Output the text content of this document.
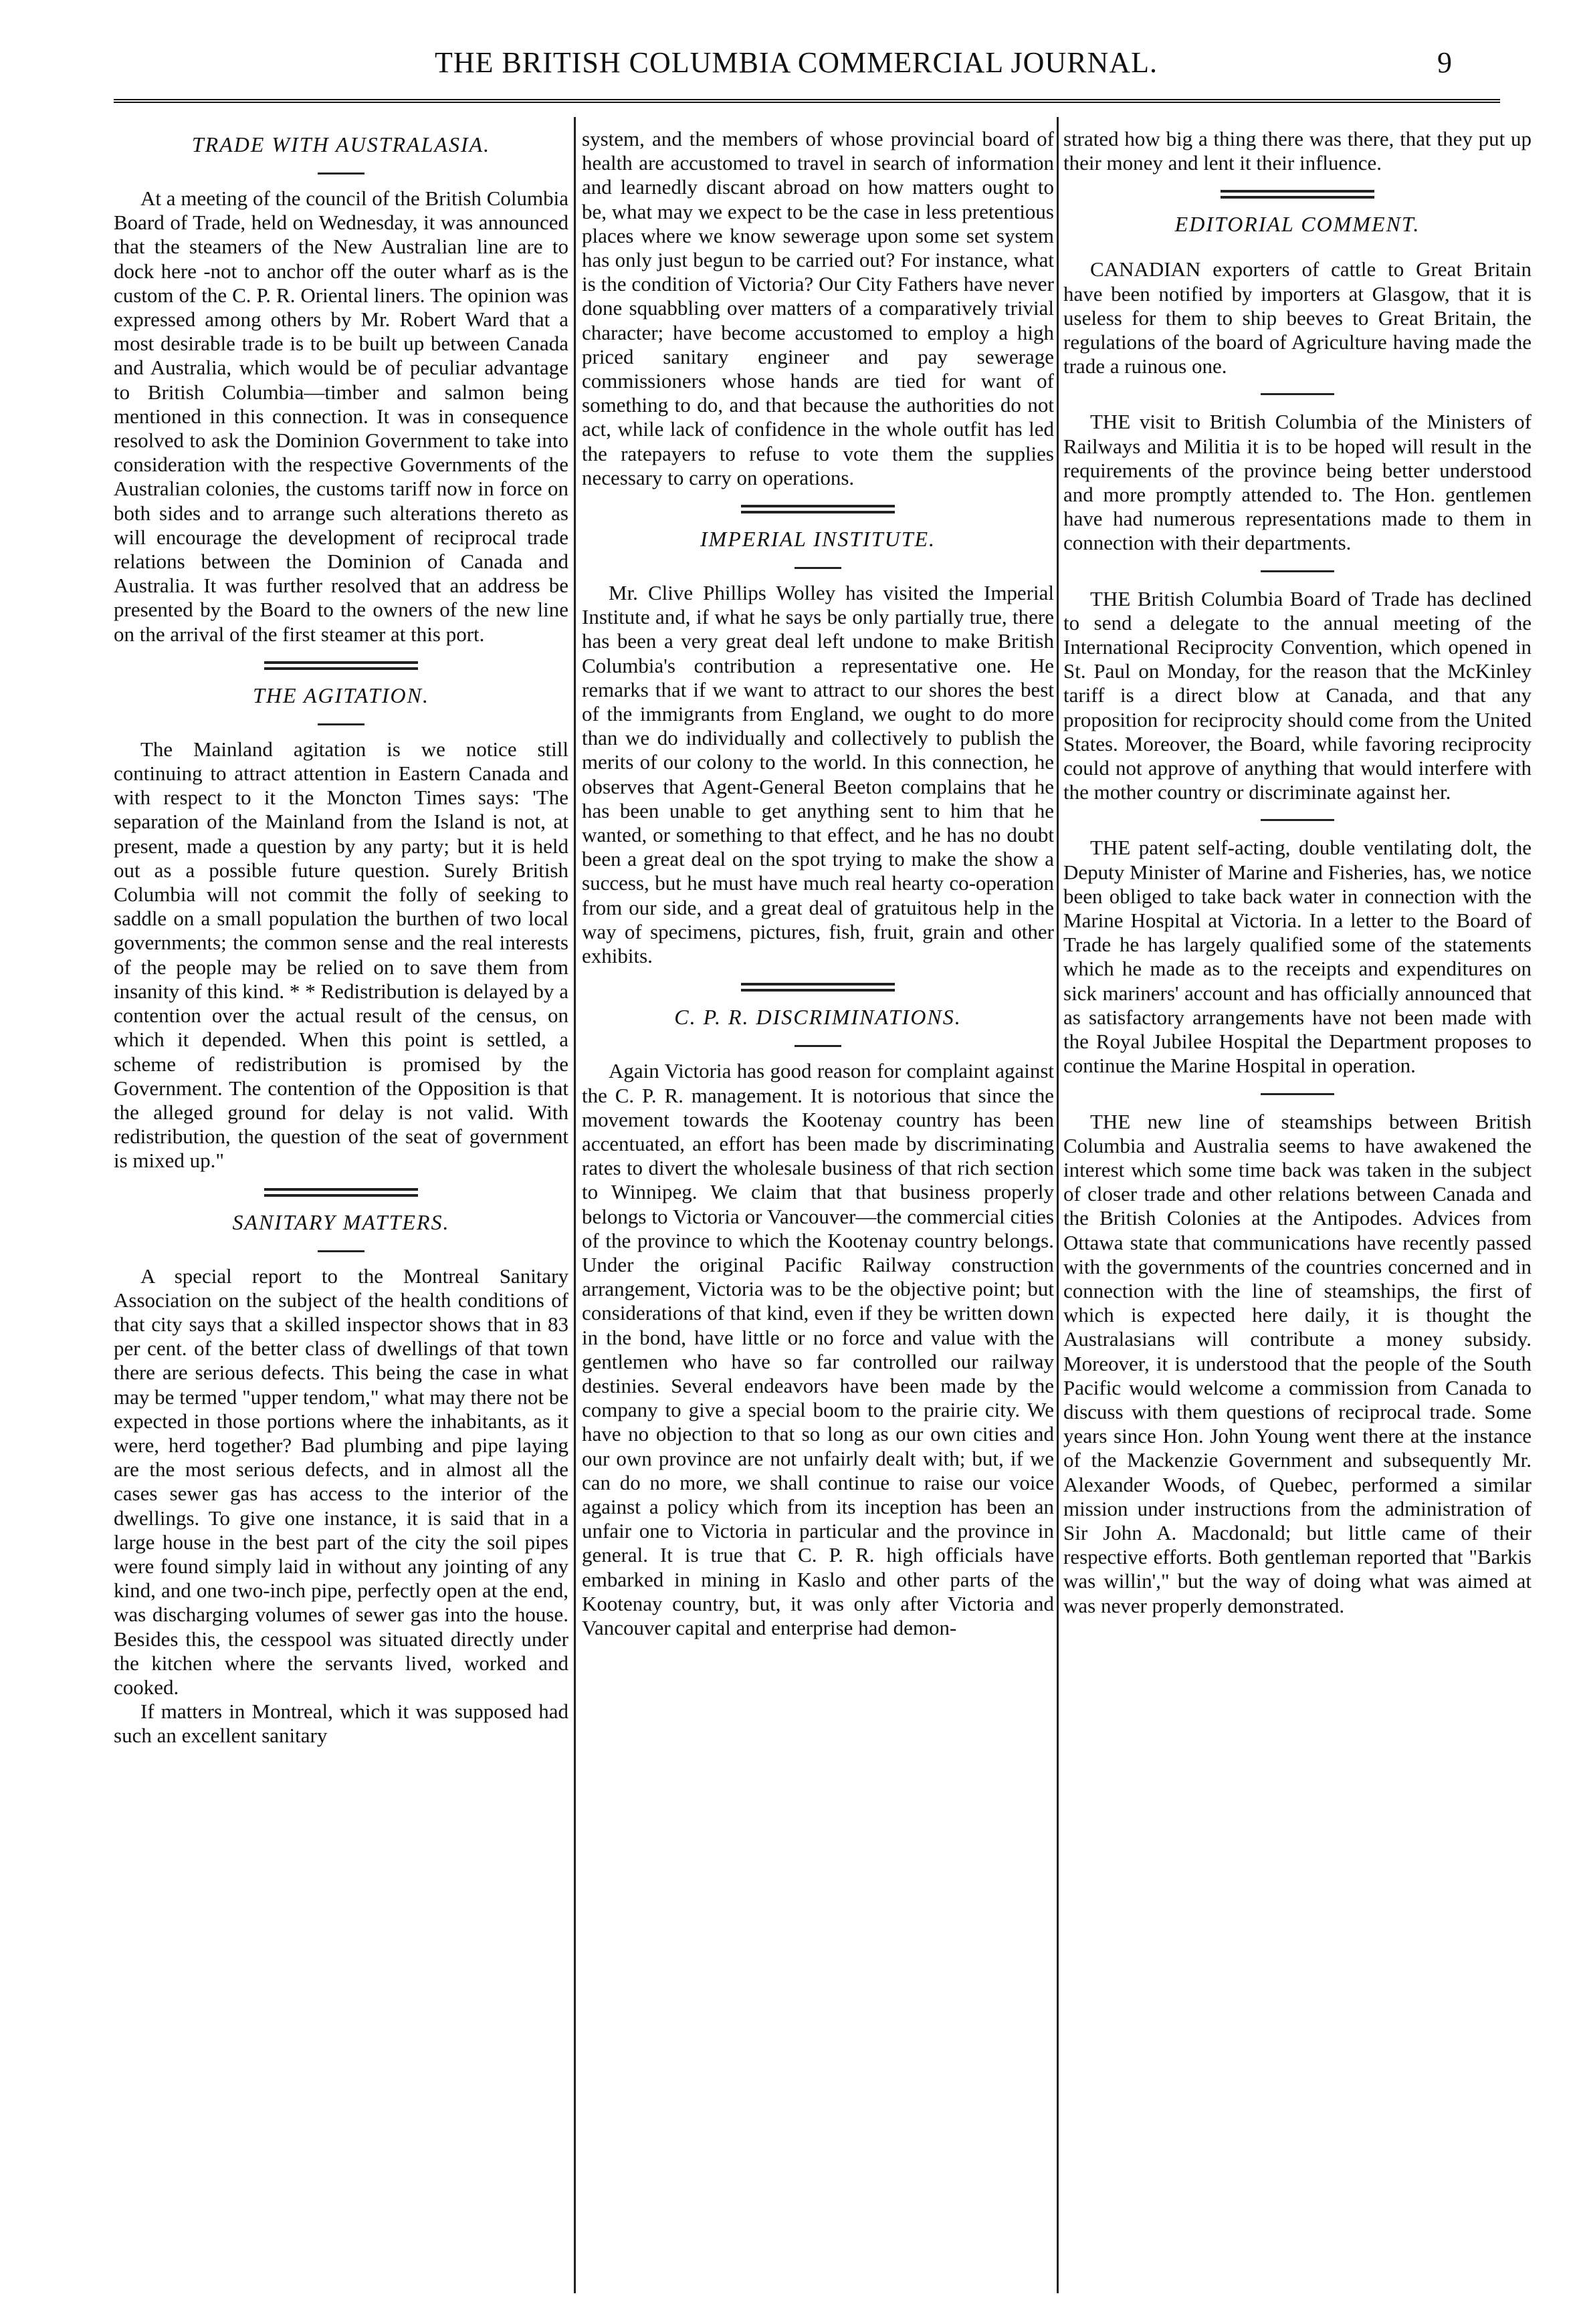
THE BRITISH COLUMBIA COMMERCIAL JOURNAL.	9
TRADE WITH AUSTRALASIA.

At a meeting of the council of the British Columbia Board of Trade, held on Wednesday, it was announced that the steamers of the New Australian line are to dock here -not to anchor off the outer wharf as is the custom of the C. P. R. Oriental liners. The opinion was expressed among others by Mr. Robert Ward that a most desirable trade is to be built up between Canada and Australia, which would be of peculiar advantage to British Columbia—timber and salmon being mentioned in this connection. It was in consequence resolved to ask the Dominion Government to take into consideration with the respective Governments of the Australian colonies, the customs tariff now in force on both sides and to arrange such alterations thereto as will encourage the development of reciprocal trade relations between the Dominion of Canada and Australia. It was further resolved that an address be presented by the Board to the owners of the new line on the arrival of the first steamer at this port.

THE AGITATION.

The Mainland agitation is we notice still continuing to attract attention in Eastern Canada and with respect to it the Moncton Times says: 'The separation of the Mainland from the Island is not, at present, made a question by any party; but it is held out as a possible future question. Surely British Columbia will not commit the folly of seeking to saddle on a small population the burthen of two local governments; the common sense and the real interests of the people may be relied on to save them from insanity of this kind. * * Redistribution is delayed by a contention over the actual result of the census, on which it depended. When this point is settled, a scheme of redistribution is promised by the Government. The contention of the Opposition is that the alleged ground for delay is not valid. With redistribution, the question of the seat of government is mixed up."

SANITARY MATTERS.

A special report to the Montreal Sanitary Association on the subject of the health conditions of that city says that a skilled inspector shows that in 83 per cent. of the better class of dwellings of that town there are serious defects. This being the case in what may be termed "upper tendom," what may there not be expected in those portions where the inhabitants, as it were, herd together? Bad plumbing and pipe laying are the most serious defects, and in almost all the cases sewer gas has access to the interior of the dwellings. To give one instance, it is said that in a large house in the best part of the city the soil pipes were found simply laid in without any jointing of any kind, and one two-inch pipe, perfectly open at the end, was discharging volumes of sewer gas into the house. Besides this, the cesspool was situated directly under the kitchen where the servants lived, worked and cooked.

If matters in Montreal, which it was supposed had such an excellent sanitary

system, and the members of whose provincial board of health are accustomed to travel in search of information and learnedly discant abroad on how matters ought to be, what may we expect to be the case in less pretentious places where we know sewerage upon some set system has only just begun to be carried out? For instance, what is the condition of Victoria? Our City Fathers have never done squabbling over matters of a comparatively trivial character; have become accustomed to employ a high priced sanitary engineer and pay sewerage commissioners whose hands are tied for want of something to do, and that because the authorities do not act, while lack of confidence in the whole outfit has led the ratepayers to refuse to vote them the supplies necessary to carry on operations.

IMPERIAL INSTITUTE.

Mr. Clive Phillips Wolley has visited the Imperial Institute and, if what he says be only partially true, there has been a very great deal left undone to make British Columbia's contribution a representative one. He remarks that if we want to attract to our shores the best of the immigrants from England, we ought to do more than we do individually and collectively to publish the merits of our colony to the world. In this connection, he observes that Agent-General Beeton complains that he has been unable to get anything sent to him that he wanted, or something to that effect, and he has no doubt been a great deal on the spot trying to make the show a success, but he must have much real hearty co-operation from our side, and a great deal of gratuitous help in the way of specimens, pictures, fish, fruit, grain and other exhibits.

C. P. R. DISCRIMINATIONS.

Again Victoria has good reason for complaint against the C. P. R. management. It is notorious that since the movement towards the Kootenay country has been accentuated, an effort has been made by discriminating rates to divert the wholesale business of that rich section to Winnipeg. We claim that that business properly belongs to Victoria or Vancouver—the commercial cities of the province to which the Kootenay country belongs. Under the original Pacific Railway construction arrangement, Victoria was to be the objective point; but considerations of that kind, even if they be written down in the bond, have little or no force and value with the gentlemen who have so far controlled our railway destinies. Several endeavors have been made by the company to give a special boom to the prairie city. We have no objection to that so long as our own cities and our own province are not unfairly dealt with; but, if we can do no more, we shall continue to raise our voice against a policy which from its inception has been an unfair one to Victoria in particular and the province in general. It is true that C. P. R. high officials have embarked in mining in Kaslo and other parts of the Kootenay country, but, it was only after Victoria and Vancouver capital and enterprise had demon-

strated how big a thing there was there, that they put up their money and lent it their influence.

EDITORIAL COMMENT.

CANADIAN exporters of cattle to Great Britain have been notified by importers at Glasgow, that it is useless for them to ship beeves to Great Britain, the regulations of the board of Agriculture having made the trade a ruinous one.

THE visit to British Columbia of the Ministers of Railways and Militia it is to be hoped will result in the requirements of the province being better understood and more promptly attended to. The Hon. gentlemen have had numerous representations made to them in connection with their departments.

THE British Columbia Board of Trade has declined to send a delegate to the annual meeting of the International Reciprocity Convention, which opened in St. Paul on Monday, for the reason that the McKinley tariff is a direct blow at Canada, and that any proposition for reciprocity should come from the United States. Moreover, the Board, while favoring reciprocity could not approve of anything that would interfere with the mother country or discriminate against her.

THE patent self-acting, double ventilating dolt, the Deputy Minister of Marine and Fisheries, has, we notice been obliged to take back water in connection with the Marine Hospital at Victoria. In a letter to the Board of Trade he has largely qualified some of the statements which he made as to the receipts and expenditures on sick mariners' account and has officially announced that as satisfactory arrangements have not been made with the Royal Jubilee Hospital the Department proposes to continue the Marine Hospital in operation.

THE new line of steamships between British Columbia and Australia seems to have awakened the interest which some time back was taken in the subject of closer trade and other relations between Canada and the British Colonies at the Antipodes. Advices from Ottawa state that communications have recently passed with the governments of the countries concerned and in connection with the line of steamships, the first of which is expected here daily, it is thought the Australasians will contribute a money subsidy. Moreover, it is understood that the people of the South Pacific would welcome a commission from Canada to discuss with them questions of reciprocal trade. Some years since Hon. John Young went there at the instance of the Mackenzie Government and subsequently Mr. Alexander Woods, of Quebec, performed a similar mission under instructions from the administration of Sir John A. Macdonald; but little came of their respective efforts. Both gentleman reported that "Barkis was willin'," but the way of doing what was aimed at was never properly demonstrated.
